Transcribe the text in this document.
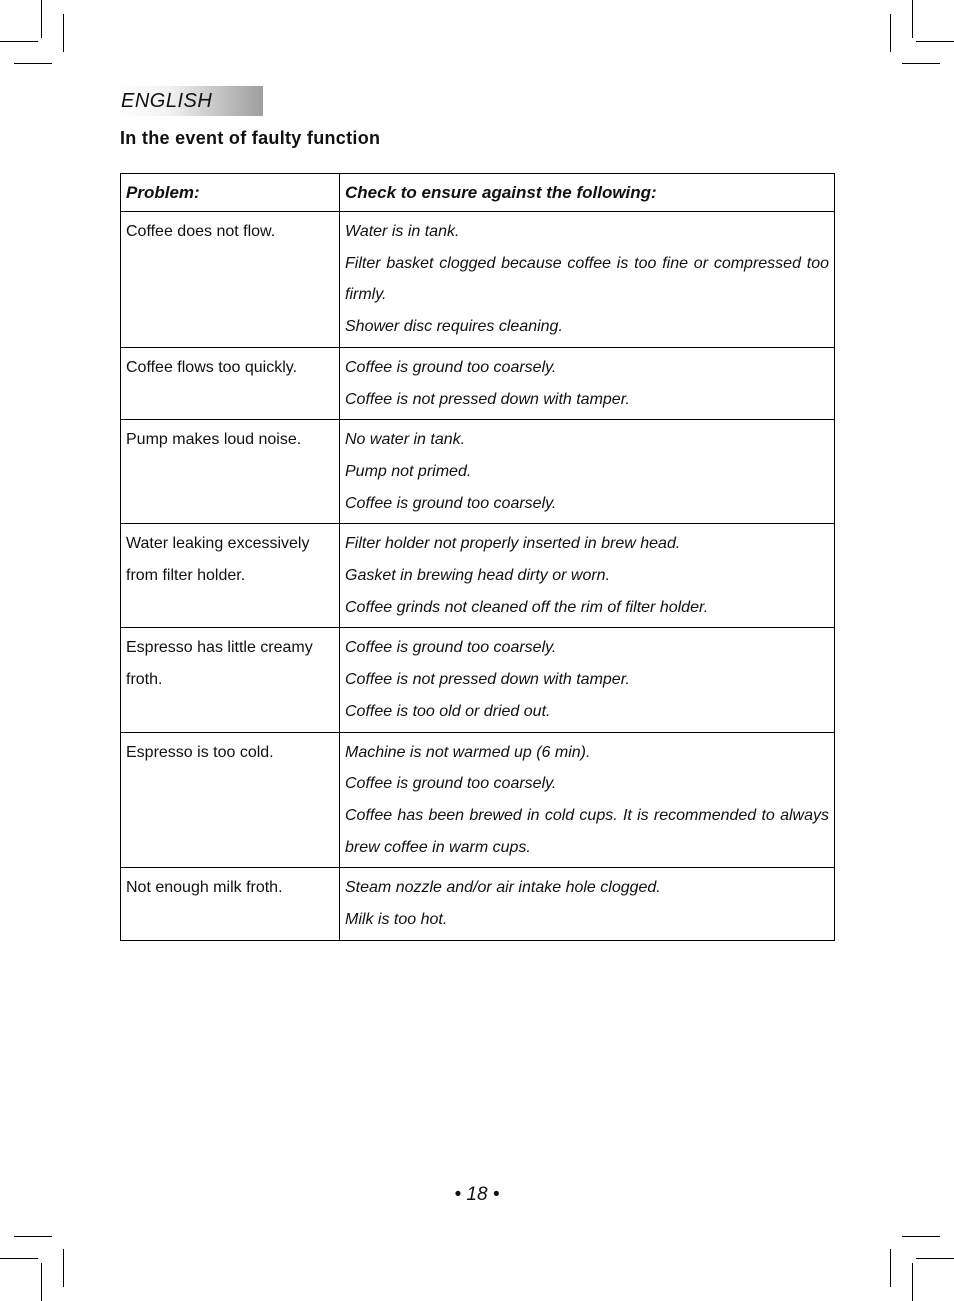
ENGLISH
In the event of faulty function
Problem:	Check to ensure against the following:
Coffee does not flow.	Water is in tank.
Filter basket clogged because coffee is too fine or compressed too firmly.
Shower disc requires cleaning.

Coffee flows too quickly.	Coffee is ground too coarsely.
Coffee is not pressed down with tamper.

Pump makes loud noise.	No water in tank.
Pump not primed.
Coffee is ground too coarsely.

Water leaking excessively from filter holder.	Filter holder not properly inserted in brew head.
Gasket in brewing head dirty or worn.
Coffee grinds not cleaned off the rim of filter holder.

Espresso has little creamy froth.	Coffee is ground too coarsely.
Coffee is not pressed down with tamper.
Coffee is too old or dried out.

Espresso is too cold.	Machine is not warmed up (6 min).
Coffee is ground too coarsely.
Coffee has been brewed in cold cups. It is recommended to always brew coffee in warm cups.

Not enough milk froth.	Steam nozzle and/or air intake hole clogged.
Milk is too hot.
• 18 •
